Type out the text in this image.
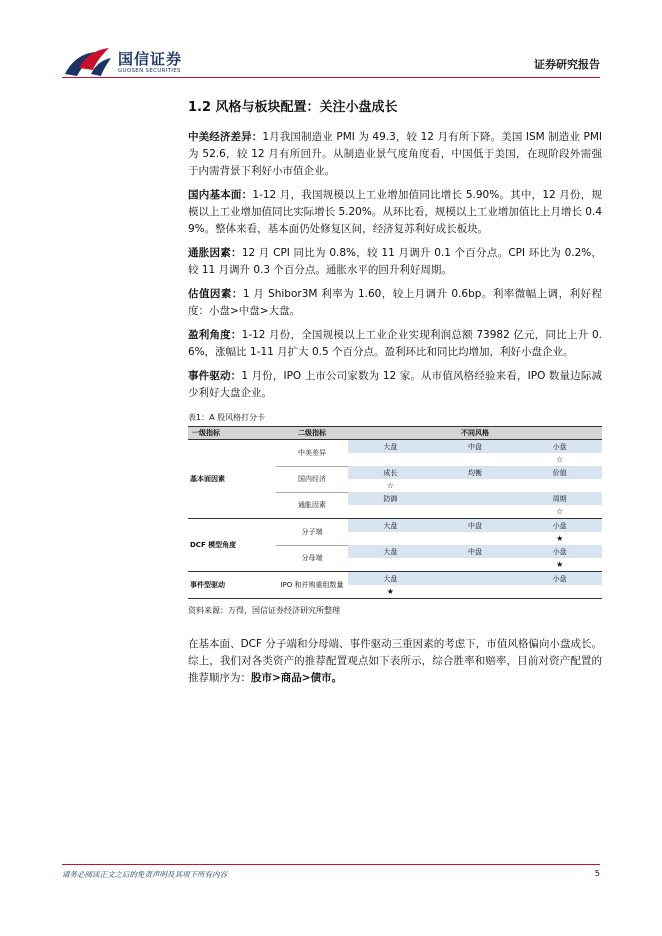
国信证券
GUOSEN SECURITIES	证券研究报告
1.2 风格与板块配置：关注小盘成长

中美经济差异：1月我国制造业 PMI 为 49.3，较 12 月有所下降。美国 ISM 制造业 PMI 为 52.6，较 12 月有所回升。从制造业景气度角度看，中国低于美国，在现阶段外需强于内需背景下利好小市值企业。

国内基本面：1-12 月，我国规模以上工业增加值同比增长 5.90%。其中，12 月份，规模以上工业增加值同比实际增长 5.20%。从环比看，规模以上工业增加值比上月增长 0.49%。整体来看，基本面仍处修复区间，经济复苏利好成长板块。

通胀因素：12 月 CPI 同比为 0.8%，较 11 月调升 0.1 个百分点。CPI 环比为 0.2%，较 11 月调升 0.3 个百分点。通胀水平的回升利好周期。

估值因素：1 月 Shibor3M 利率为 1.60，较上月调升 0.6bp。利率微幅上调，利好程度：小盘>中盘>大盘。

盈利角度：1-12 月份，全国规模以上工业企业实现利润总额 73982 亿元，同比上升 0.6%，涨幅比 1-11 月扩大 0.5 个百分点。盈利环比和同比均增加，利好小盘企业。

事件驱动：1 月份，IPO 上市公司家数为 12 家。从市值风格经验来看，IPO 数量边际减少利好大盘企业。

表1：A 股风格打分卡
一级指标	二级指标	不同风格		
基本面因素	中美差异	大盘	中盘	小盘
				☆
	国内经济	成长	均衡	价值
		☆		
	通胀因素	防御		周期
				☆
DCF 模型角度	分子端	大盘	中盘	小盘
				★
	分母端	大盘	中盘	小盘
				★
事件型驱动	IPO 和并购重组数量	大盘		小盘
		★		
资料来源：万得，国信证券经济研究所整理

在基本面、DCF 分子端和分母端、事件驱动三重因素的考虑下，市值风格偏向小盘成长。综上，我们对各类资产的推荐配置观点如下表所示，综合胜率和赔率，目前对资产配置的推荐顺序为：股市>商品>债市。

请务必阅读正文之后的免责声明及其项下所有内容	5
